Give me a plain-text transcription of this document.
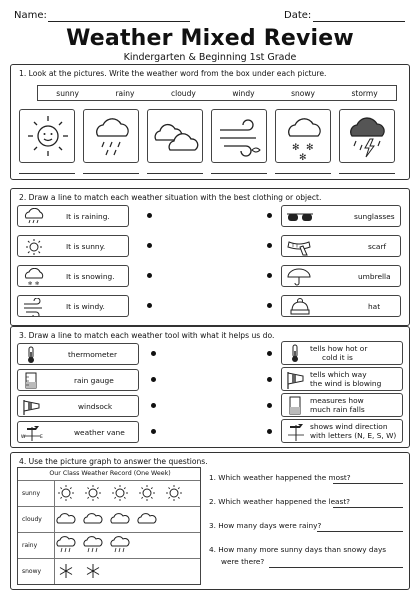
Name:	Date:
Weather Mixed Review
Kindergarten & Beginning 1st Grade
1. Look at the pictures. Write the weather word from the box under each picture.
sunny	rainy	cloudy	windy	snowy	stormy
✻ ✻
✻
2. Draw a line to match each weather situation with the best clothing or object.
It is raining.
It is sunny.
✻ ✻
It is snowing.
It is windy.
sunglasses
scarf
umbrella
hat
3. Draw a line to match each weather tool with what it helps us do.
thermometer
rain gauge
windsock
W	E
weather vane
tells how hot or
cold it is
tells which way
the wind is blowing
measures how
much rain falls
shows wind direction
with letters (N, E, S, W)
4. Use the picture graph to answer the questions.
Our Class Weather Record (One Week)
sunny
cloudy
rainy
snowy
1. Which weather happened the most?
2. Which weather happened the least?
3. How many days were rainy?
4. How many more sunny days than snowy days
were there?
